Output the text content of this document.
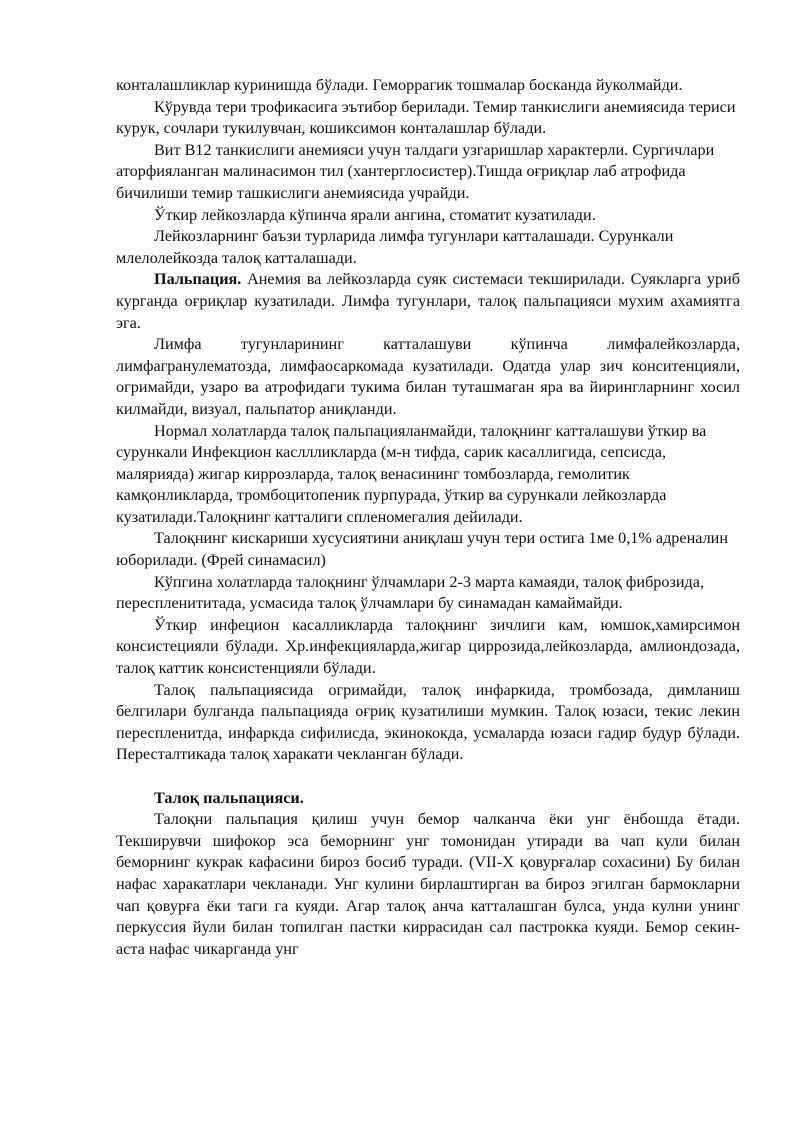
конталашликлар куринишда бўлади. Геморрагик тошмалар босканда йуколмайди.

Кўрувда тери трофикасига эътибор берилади. Темир танкислиги анемиясида териси курук, сочлари тукилувчан, кошиксимон конталашлар бўлади.

Вит В12 танкислиги анемияси учун талдаги узгаришлар характерли. Сургичлари аторфияланган малинасимон тил (хантерглосистер).Тишда оғриқлар лаб атрофида бичилиши темир ташкислиги анемиясида учрайди.

Ўткир лейкозларда кўпинча ярали ангина, стоматит кузатилади.

Лейкозларнинг баъзи турларида лимфа тугунлари катталашади. Сурункали млелолейкозда талоқ катталашади.

Пальпация. Анемия ва лейкозларда суяк системаси текширилади. Суякларга уриб курганда оғриқлар кузатилади. Лимфа тугунлари, талоқ пальпацияси мухим ахамиятга эга.

Лимфа тугунларининг катталашуви кўпинча лимфалейкозларда, лимфагранулематозда, лимфаосаркомада кузатилади. Одатда улар зич конситенцияли, огримайди, узаро ва атрофидаги тукима билан туташмаган яра ва йирингларнинг хосил килмайди, визуал, пальпатор аниқланди.

Нормал холатларда талоқ пальпацияланмайди, талоқнинг катталашуви ўткир ва сурункали Инфекцион касллликларда (м-н тифда, сарик касаллигида, сепсисда, маляриядa) жигар киррозларда, талоқ венасининг томбозларда, гемолитик камқонликларда, тромбоцитопеник пурпурада, ўткир ва сурункали лейкозларда кузатилади.Талоқнинг катталиги спленомегалия дейилади.

Талоқнинг кискариши хусусиятини аниқлаш учун тери остига 1ме 0,1% адреналин юборилади. (Фрей синамасил)

Кўпгина холатларда талоқнинг ўлчамлари 2-3 марта камаяди, талоқ фиброзида, переспленититада, усмасида талоқ ўлчамлари бу синамадан камаймайди.

Ўткир инфецион касалликларда талоқнинг зичлиги кам, юмшок,хамирсимон консистецияли бўлади. Хр.инфекцияларда,жигар циррозида,лейкозларда, амлиондозада, талоқ каттик консистенцияли бўлади.

Талоқ пальпациясида огримайди, талоқ инфаркида, тромбозада, димланиш белгилари булганда пальпацияда оғриқ кузатилиши мумкин. Талоқ юзаси, текис лекин переспленитда, инфаркда сифилисда, экинококда, усмаларда юзаси гадир будур бўлади. Перестaлтикада талоқ харакати чекланган бўлади.

Талоқ пальпацияси.

Талоқни пальпация қилиш учун бемор чалканча ёки унг ёнбошда ётади. Текширувчи шифокор эса беморнинг унг томонидан утиради ва чап кули билан беморнинг кукрак кафасини бироз босиб туради. (VII-X қовурғалар сохасини) Бу билан нафас харакатлари чекланади. Унг кулини бирлаштирган ва бироз эгилган бармокларни чап қовурға ёки таги га куяди. Агар талоқ анча катталашган булса, унда кулни унинг перкуссия йули билан топилган пастки киррасидан сал пастрокка куяди. Бемор секин-аста нафас чикарганда унг
